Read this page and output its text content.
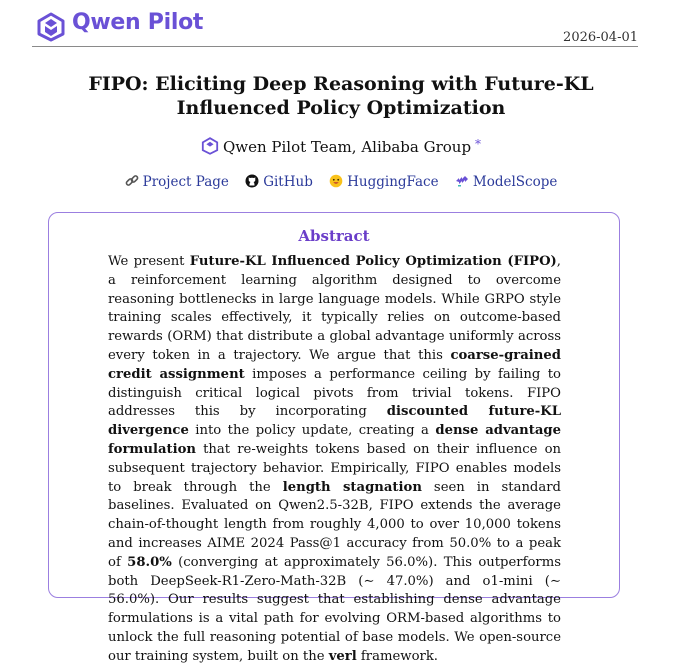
Qwen Pilot
2026-04-01
FIPO: Eliciting Deep Reasoning with Future-KL
Influenced Policy Optimization
Qwen Pilot Team, Alibaba Group *
Project Page	GitHub	HuggingFace	ModelScope
Abstract
We present Future-KL Influenced Policy Optimization (FIPO), a reinforcement learning algorithm designed to overcome reasoning bottlenecks in large language models. While GRPO style training scales effectively, it typically relies on outcome-based rewards (ORM) that distribute a global advantage uniformly across every token in a trajectory. We argue that this coarse-grained credit assignment imposes a performance ceiling by failing to distinguish critical logical pivots from trivial tokens. FIPO addresses this by incorporating discounted future-KL divergence into the policy update, creating a dense advantage formulation that re-weights tokens based on their influence on subsequent trajectory behavior. Empirically, FIPO enables models to break through the length stagnation seen in standard baselines. Evaluated on Qwen2.5-32B, FIPO extends the average chain-of-thought length from roughly 4,000 to over 10,000 tokens and increases AIME 2024 Pass@1 accuracy from 50.0% to a peak of 58.0% (converging at approximately 56.0%). This outperforms both DeepSeek-R1-Zero-Math-32B (∼ 47.0%) and o1-mini (∼ 56.0%). Our results suggest that establishing dense advantage formulations is a vital path for evolving ORM-based algorithms to unlock the full reasoning potential of base models. We open-source our training system, built on the verl framework.
